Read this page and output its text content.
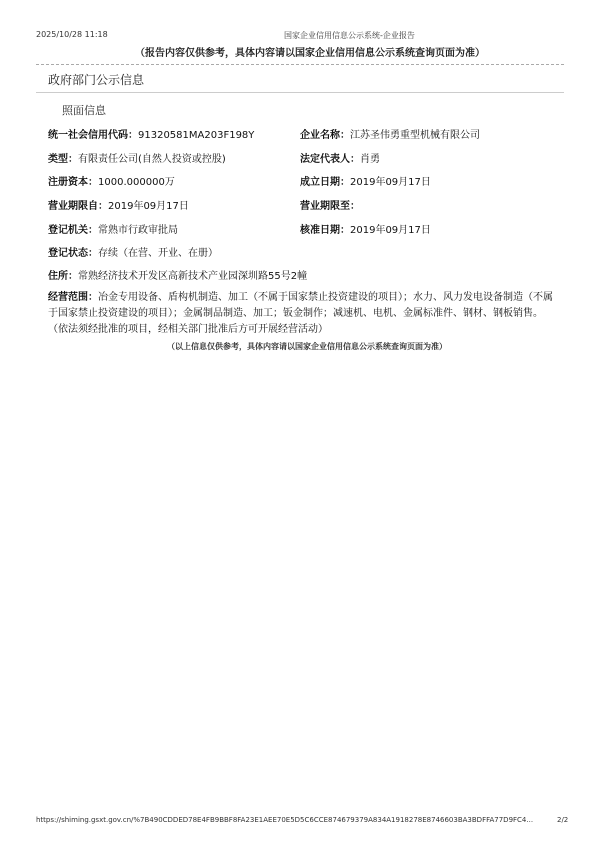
2025/10/28 11:18	国家企业信用信息公示系统-企业报告
（报告内容仅供参考，具体内容请以国家企业信用信息公示系统查询页面为准）
政府部门公示信息
照面信息
统一社会信用代码：91320581MA203F198Y	企业名称：江苏圣伟勇重型机械有限公司
类型：有限责任公司(自然人投资或控股)	法定代表人：肖勇
注册资本：1000.000000万	成立日期：2019年09月17日
营业期限自：2019年09月17日	营业期限至：
登记机关：常熟市行政审批局	核准日期：2019年09月17日
登记状态：存续（在营、开业、在册）
住所：常熟经济技术开发区高新技术产业园深圳路55号2幢
经营范围：冶金专用设备、盾构机制造、加工（不属于国家禁止投资建设的项目）；水力、风力发电设备制造（不属于国家禁止投资建设的项目）；金属制品制造、加工；钣金制作；减速机、电机、金属标准件、钢材、钢板销售。（依法须经批准的项目，经相关部门批准后方可开展经营活动）
（以上信息仅供参考，具体内容请以国家企业信用信息公示系统查询页面为准）
https://shiming.gsxt.gov.cn/%7B490CDDED78E4FB9BBF8FA23E1AEE70E5D5C6CCE874679379A834A1918278E8746603BA3BDFFA77D9FC4...	2/2
